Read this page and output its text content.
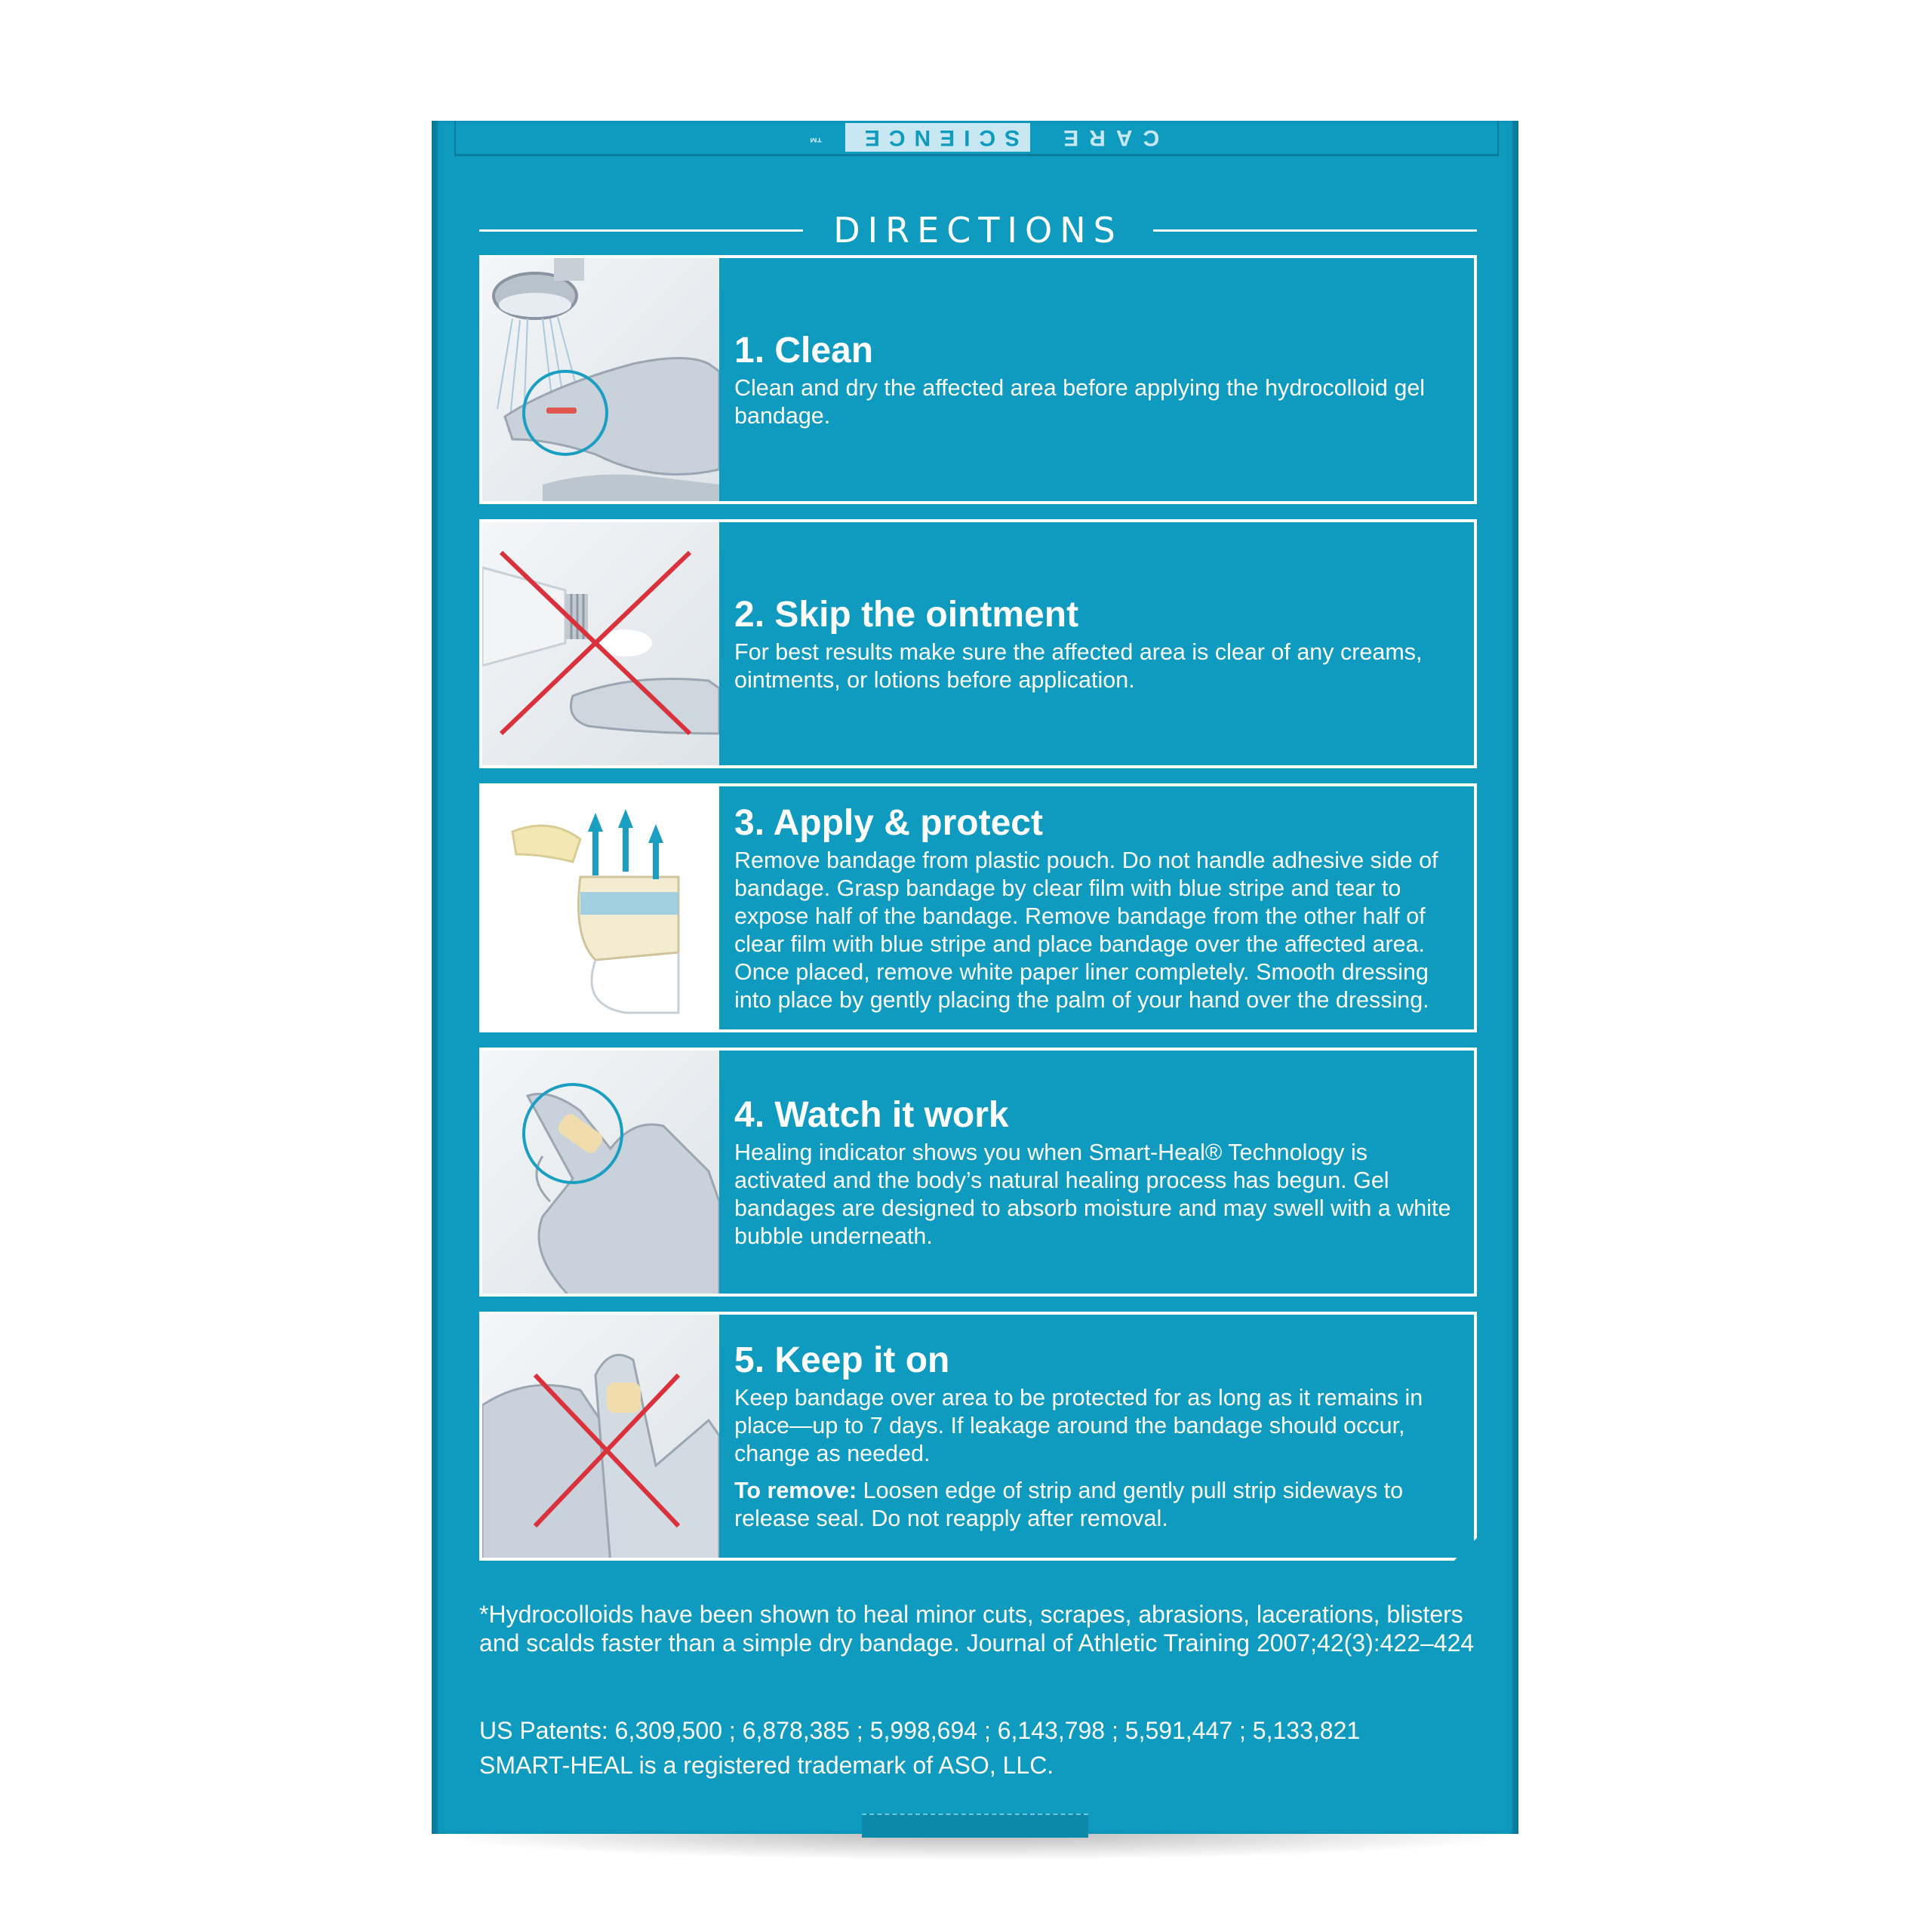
CARE
SCIENCE
™
DIRECTIONS
1. Clean
Clean and dry the affected area before applying the hydrocolloid gel bandage.
2. Skip the ointment
For best results make sure the affected area is clear of any creams, ointments, or lotions before application.
3. Apply & protect
Remove bandage from plastic pouch. Do not handle adhesive side of bandage. Grasp bandage by clear film with blue stripe and tear to expose half of the bandage. Remove bandage from the other half of clear film with blue stripe and place bandage over the affected area. Once placed, remove white paper liner completely. Smooth dressing into place by gently placing the palm of your hand over the dressing.
4. Watch it work
Healing indicator shows you when Smart-Heal® Technology is activated and the body’s natural healing process has begun. Gel bandages are designed to absorb moisture and may swell with a white bubble underneath.
5. Keep it on
Keep bandage over area to be protected for as long as it remains in place—up to 7 days. If leakage around the bandage should occur, change as needed.
To remove: Loosen edge of strip and gently pull strip sideways to release seal. Do not reapply after removal.
*Hydrocolloids have been shown to heal minor cuts, scrapes, abrasions, lacerations, blisters and scalds faster than a simple dry bandage. Journal of Athletic Training 2007;42(3):422–424
US Patents: 6,309,500 ; 6,878,385 ; 5,998,694 ; 6,143,798 ; 5,591,447 ; 5,133,821
SMART-HEAL is a registered trademark of ASO, LLC.
